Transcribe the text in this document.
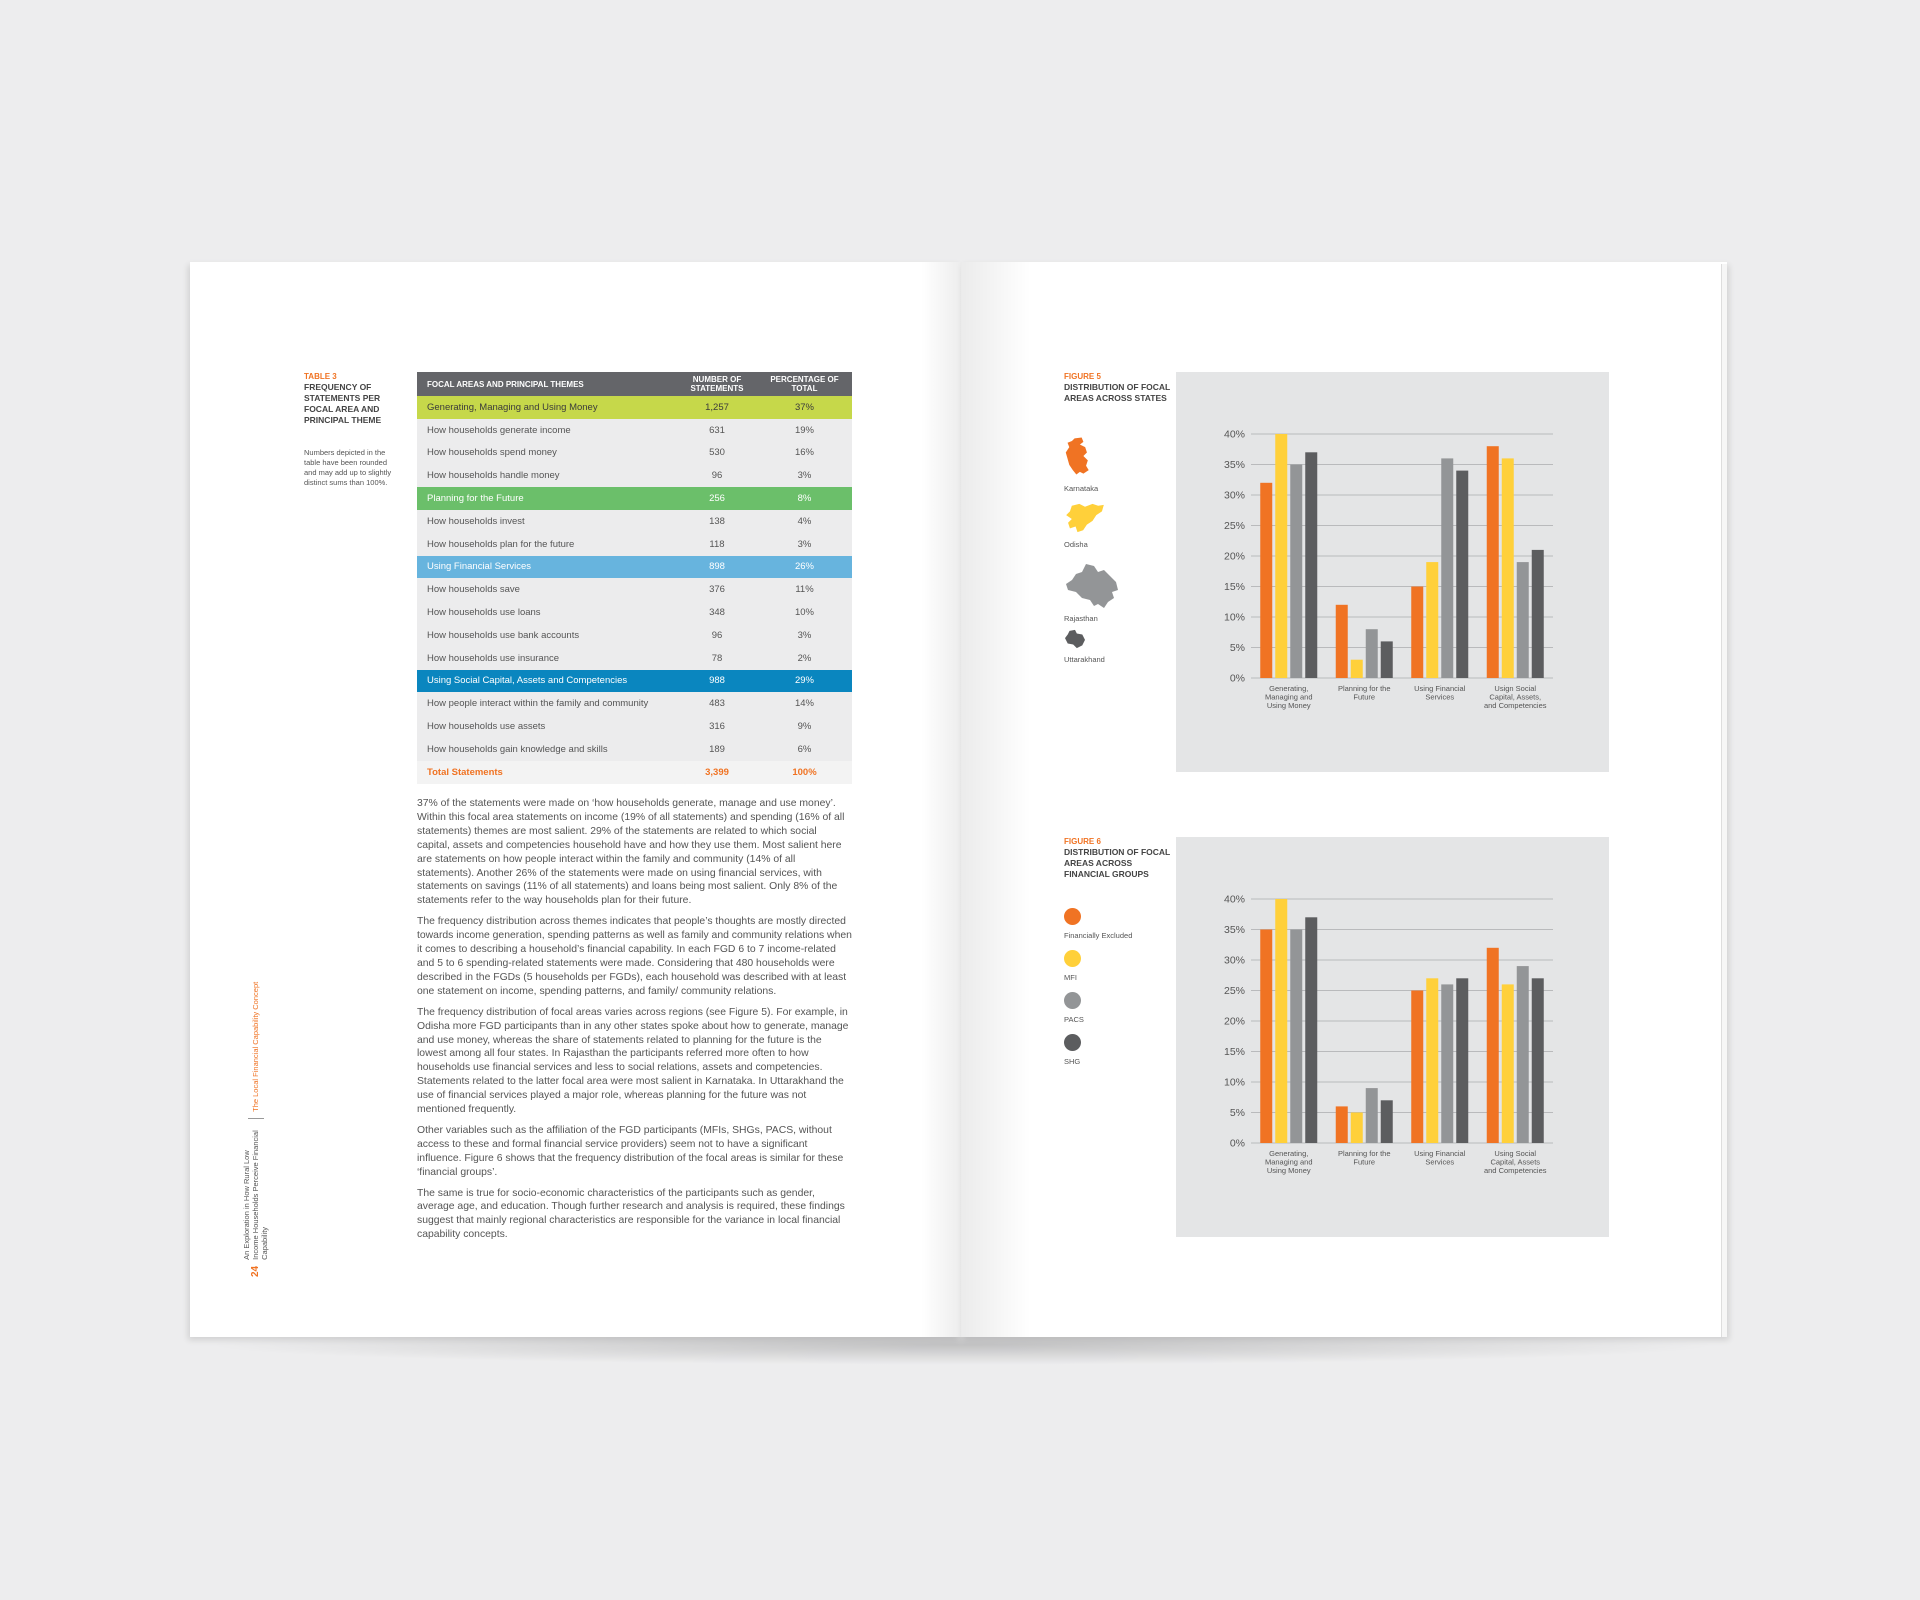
TABLE 3
FREQUENCY OF STATEMENTS PER FOCAL AREA AND PRINCIPAL THEME
Numbers depicted in the table have been rounded and may add up to slightly distinct sums than 100%.
FOCAL AREAS AND PRINCIPAL THEMES	NUMBER OF STATEMENTS	PERCENTAGE OF TOTAL
Generating, Managing and Using Money	1,257	37%
How households generate income	631	19%
How households spend money	530	16%
How households handle money	96	3%
Planning for the Future	256	8%
How households invest	138	4%
How households plan for the future	118	3%
Using Financial Services	898	26%
How households save	376	11%
How households use loans	348	10%
How households use bank accounts	96	3%
How households use insurance	78	2%
Using Social Capital, Assets and Competencies	988	29%
How people interact within the family and community	483	14%
How households use assets	316	9%
How households gain knowledge and skills	189	6%
Total Statements	3,399	100%

37% of the statements were made on ‘how households generate, manage and use money’. Within this focal area statements on income (19% of all statements) and spending (16% of all statements) themes are most salient. 29% of the statements are related to which social capital, assets and competencies household have and how they use them. Most salient here are statements on how people interact within the family and community (14% of all statements). Another 26% of the statements were made on using financial services, with statements on savings (11% of all statements) and loans being most salient. Only 8% of the statements refer to the way households plan for their future.

The frequency distribution across themes indicates that people’s thoughts are mostly directed towards income generation, spending patterns as well as family and community relations when it comes to describing a household’s financial capability. In each FGD 6 to 7 income-related and 5 to 6 spending-related statements were made. Considering that 480 households were described in the FGDs (5 households per FGDs), each household was described with at least one statement on income, spending patterns, and family/ community relations.

The frequency distribution of focal areas varies across regions (see Figure 5). For example, in Odisha more FGD participants than in any other states spoke about how to generate, manage and use money, whereas the share of statements related to planning for the future is the lowest among all four states. In Rajasthan the participants referred more often to how households use financial services and less to social relations, assets and competencies. Statements related to the latter focal area were most salient in Karnataka. In Uttarakhand the use of financial services played a major role, whereas planning for the future was not mentioned frequently.

Other variables such as the affiliation of the FGD participants (MFIs, SHGs, PACS, without access to these and formal financial service providers) seem not to have a significant influence. Figure 6 shows that the frequency distribution of the focal areas is similar for these ‘financial groups’.

The same is true for socio-economic characteristics of the participants such as gender, average age, and education. Though further research and analysis is required, these findings suggest that mainly regional characteristics are responsible for the variance in local financial capability concepts.

24
An Exploration in How Rural Low Income Households Perceive Financial Capability
The Local Financial Capability Concept
FIGURE 5
DISTRIBUTION OF FOCAL AREAS ACROSS STATES
Karnataka
Odisha
Rajasthan
Uttarakhand
0%
5%
10%
15%
20%
25%
30%
35%
40%
Generating, Managing and Using Money
Planning for the Future
Using Financial Services
Usign Social Capital, Assets, and Competencies
FIGURE 6
DISTRIBUTION OF FOCAL AREAS ACROSS FINANCIAL GROUPS
Financially Excluded
MFI
PACS
SHG
0%
5%
10%
15%
20%
25%
30%
35%
40%
Generating, Managing and Using Money
Planning for the Future
Using Financial Services
Using Social Capital, Assets and Competencies
